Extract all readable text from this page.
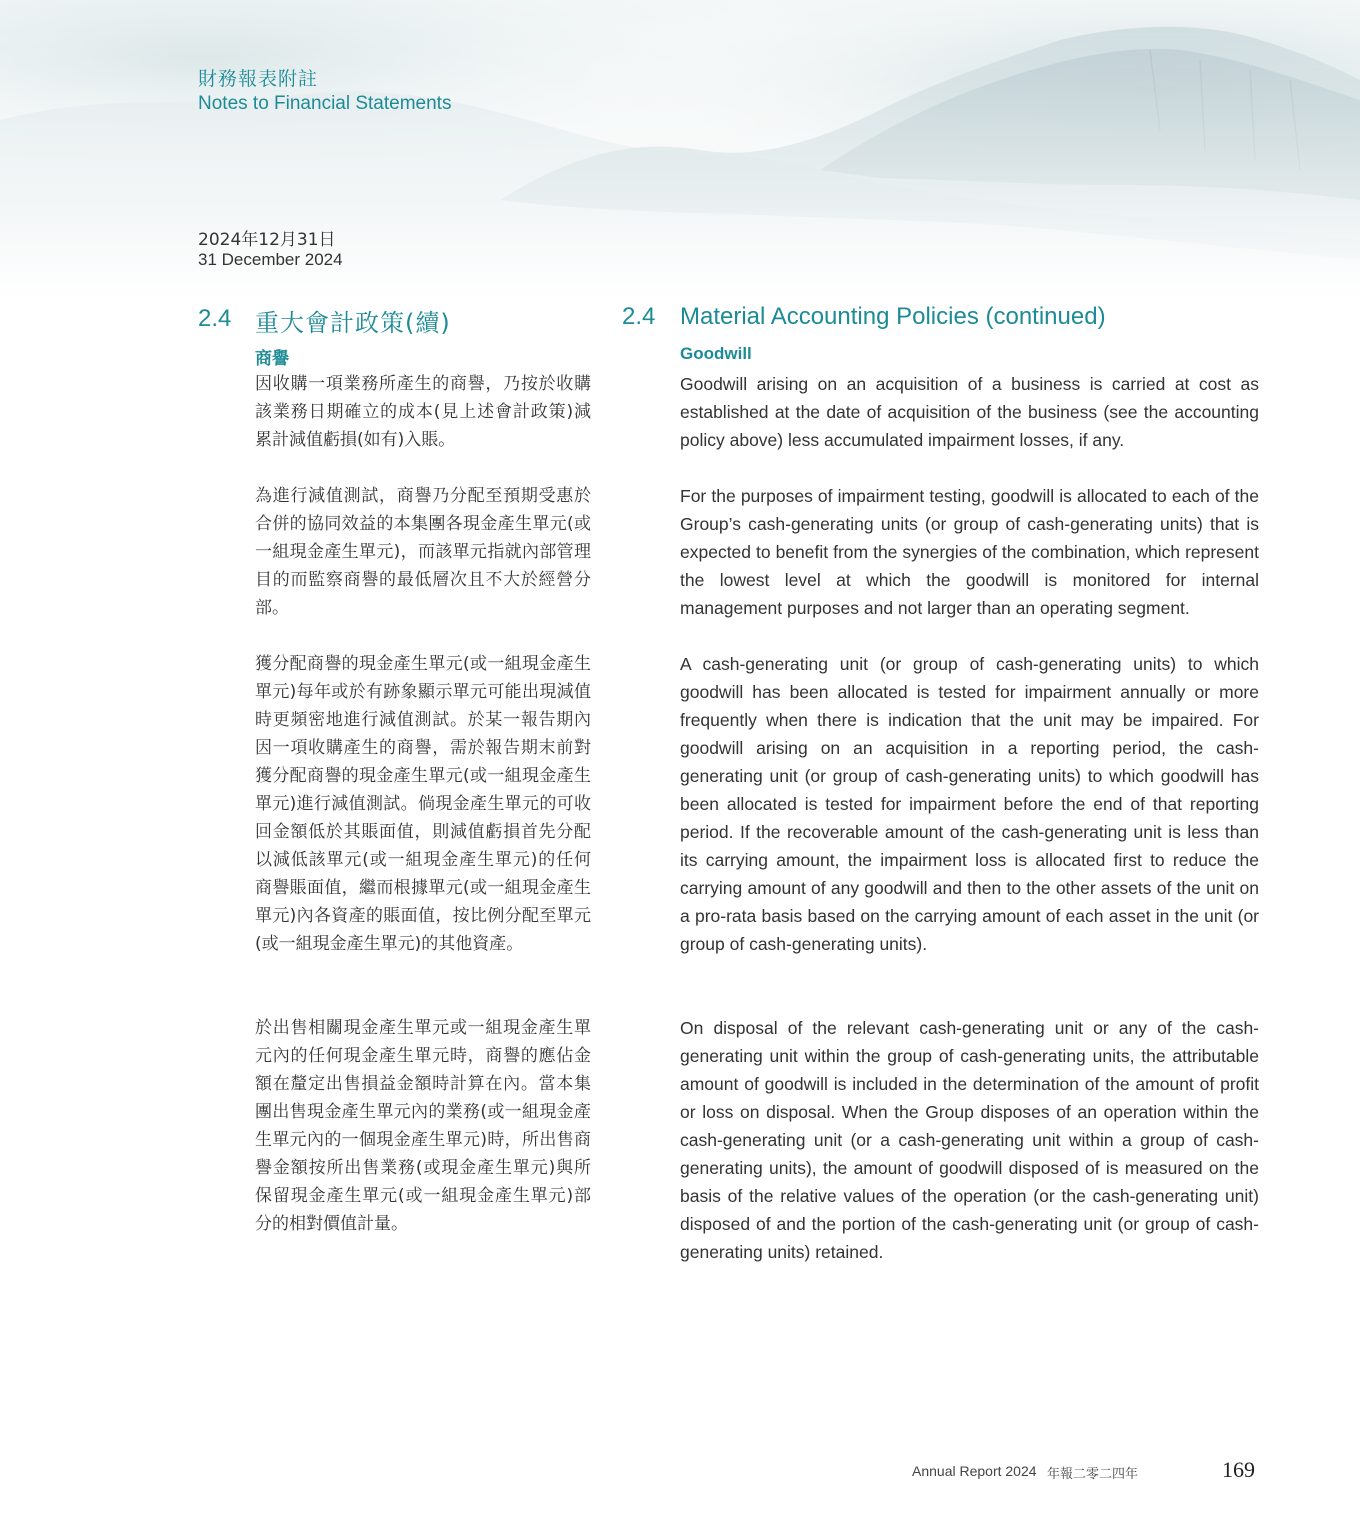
財務報表附註
Notes to Financial Statements
2024年12月31日
31 December 2024
2.4 重大會計政策(續)	2.4 Material Accounting Policies (continued)
商譽	Goodwill

因收購一項業務所產生的商譽，乃按於收購該業務日期確立的成本(見上述會計政策)減累計減值虧損(如有)入賬。

為進行減值測試，商譽乃分配至預期受惠於合併的協同效益的本集團各現金產生單元(或一組現金產生單元)，而該單元指就內部管理目的而監察商譽的最低層次且不大於經營分部。

獲分配商譽的現金產生單元(或一組現金產生單元)每年或於有跡象顯示單元可能出現減值時更頻密地進行減值測試。於某一報告期內因一項收購產生的商譽，需於報告期末前對獲分配商譽的現金產生單元(或一組現金產生單元)進行減值測試。倘現金產生單元的可收回金額低於其賬面值，則減值虧損首先分配以減低該單元(或一組現金產生單元)的任何商譽賬面值，繼而根據單元(或一組現金產生單元)內各資產的賬面值，按比例分配至單元(或一組現金產生單元)的其他資產。

於出售相關現金產生單元或一組現金產生單元內的任何現金產生單元時，商譽的應佔金額在釐定出售損益金額時計算在內。當本集團出售現金產生單元內的業務(或一組現金產生單元內的一個現金產生單元)時，所出售商譽金額按所出售業務(或現金產生單元)與所保留現金產生單元(或一組現金產生單元)部分的相對價值計量。

Goodwill arising on an acquisition of a business is carried at cost as established at the date of acquisition of the business (see the accounting policy above) less accumulated impairment losses, if any.

For the purposes of impairment testing, goodwill is allocated to each of the Group’s cash-generating units (or group of cash-generating units) that is expected to benefit from the synergies of the combination, which represent the lowest level at which the goodwill is monitored for internal management purposes and not larger than an operating segment.

A cash-generating unit (or group of cash-generating units) to which goodwill has been allocated is tested for impairment annually or more frequently when there is indication that the unit may be impaired. For goodwill arising on an acquisition in a reporting period, the cash-generating unit (or group of cash-generating units) to which goodwill has been allocated is tested for impairment before the end of that reporting period. If the recoverable amount of the cash-generating unit is less than its carrying amount, the impairment loss is allocated first to reduce the carrying amount of any goodwill and then to the other assets of the unit on a pro-rata basis based on the carrying amount of each asset in the unit (or group of cash-generating units).

On disposal of the relevant cash-generating unit or any of the cash-generating unit within the group of cash-generating units, the attributable amount of goodwill is included in the determination of the amount of profit or loss on disposal. When the Group disposes of an operation within the cash-generating unit (or a cash-generating unit within a group of cash-generating units), the amount of goodwill disposed of is measured on the basis of the relative values of the operation (or the cash-generating unit) disposed of and the portion of the cash-generating unit (or group of cash-generating units) retained.

Annual Report 2024 年報二零二四年	169
